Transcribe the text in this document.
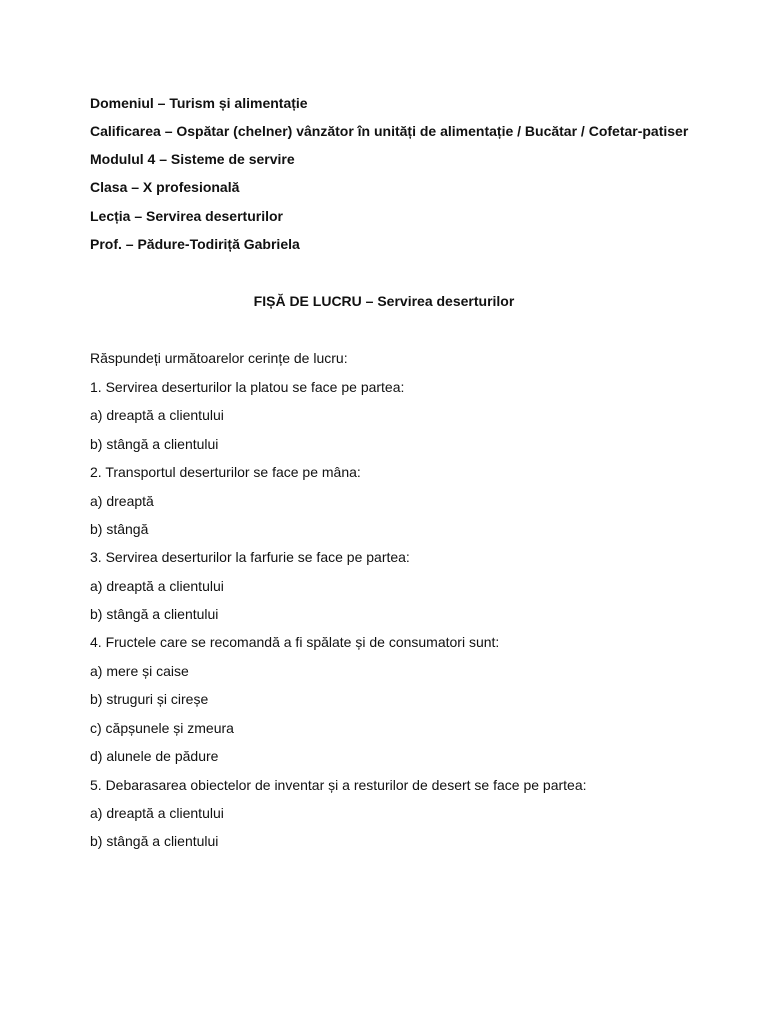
Domeniul – Turism și alimentație
Calificarea – Ospătar (chelner) vânzător în unități de alimentație / Bucătar / Cofetar-patiser
Modulul 4 – Sisteme de servire
Clasa – X profesională
Lecția – Servirea deserturilor
Prof. – Pădure-Todiriță Gabriela
FIȘĂ DE LUCRU – Servirea deserturilor
Răspundeți următoarelor cerințe de lucru:
1. Servirea deserturilor la platou se face pe partea:
a) dreaptă a clientului
b) stângă a clientului
2. Transportul deserturilor se face pe mâna:
a) dreaptă
b) stângă
3. Servirea deserturilor la farfurie se face pe partea:
a) dreaptă a clientului
b) stângă a clientului
4. Fructele care se recomandă a fi spălate și de consumatori sunt:
a) mere și caise
b) struguri și cireșe
c) căpșunele și zmeura
d) alunele de pădure
5. Debarasarea obiectelor de inventar și a resturilor de desert se face pe partea:
a) dreaptă a clientului
b) stângă a clientului
